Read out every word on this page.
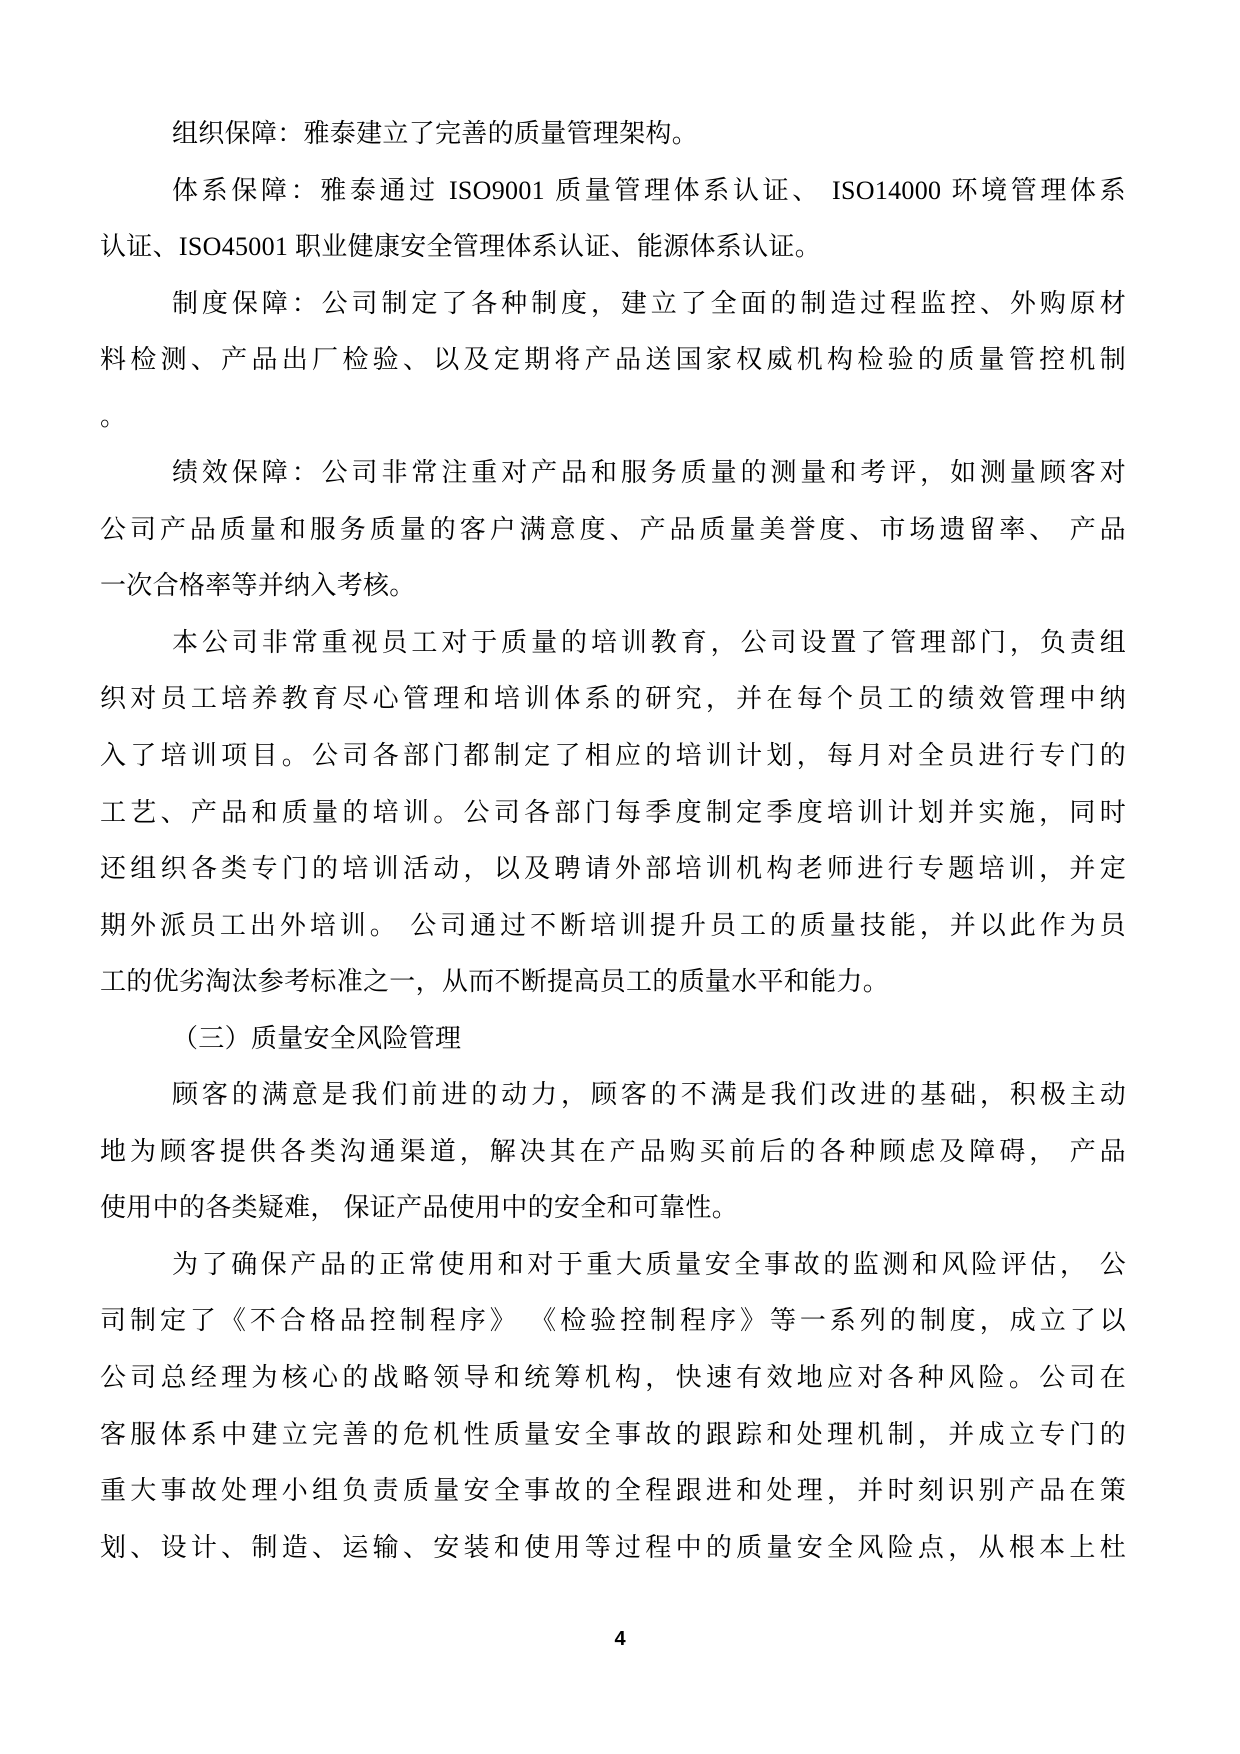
组织保障：雅泰建立了完善的质量管理架构。
体系保障：雅泰通过 ISO9001 质量管理体系认证、 ISO14000 环境管理体系
认证、ISO45001 职业健康安全管理体系认证、能源体系认证。
制度保障：公司制定了各种制度，建立了全面的制造过程监控、外购原材
料检测、产品出厂检验、以及定期将产品送国家权威机构检验的质量管控机制
。
绩效保障：公司非常注重对产品和服务质量的测量和考评，如测量顾客对
公司产品质量和服务质量的客户满意度、产品质量美誉度、市场遗留率、 产品
一次合格率等并纳入考核。
本公司非常重视员工对于质量的培训教育，公司设置了管理部门，负责组
织对员工培养教育尽心管理和培训体系的研究，并在每个员工的绩效管理中纳
入了培训项目。公司各部门都制定了相应的培训计划，每月对全员进行专门的
工艺、产品和质量的培训。公司各部门每季度制定季度培训计划并实施，同时
还组织各类专门的培训活动，以及聘请外部培训机构老师进行专题培训，并定
期外派员工出外培训。 公司通过不断培训提升员工的质量技能，并以此作为员
工的优劣淘汰参考标准之一，从而不断提高员工的质量水平和能力。
（三）质量安全风险管理
顾客的满意是我们前进的动力，顾客的不满是我们改进的基础，积极主动
地为顾客提供各类沟通渠道，解决其在产品购买前后的各种顾虑及障碍， 产品
使用中的各类疑难， 保证产品使用中的安全和可靠性。
为了确保产品的正常使用和对于重大质量安全事故的监测和风险评估， 公
司制定了《不合格品控制程序》 《检验控制程序》等一系列的制度，成立了以
公司总经理为核心的战略领导和统筹机构，快速有效地应对各种风险。公司在
客服体系中建立完善的危机性质量安全事故的跟踪和处理机制，并成立专门的
重大事故处理小组负责质量安全事故的全程跟进和处理，并时刻识别产品在策
划、设计、制造、运输、安装和使用等过程中的质量安全风险点，从根本上杜
4
